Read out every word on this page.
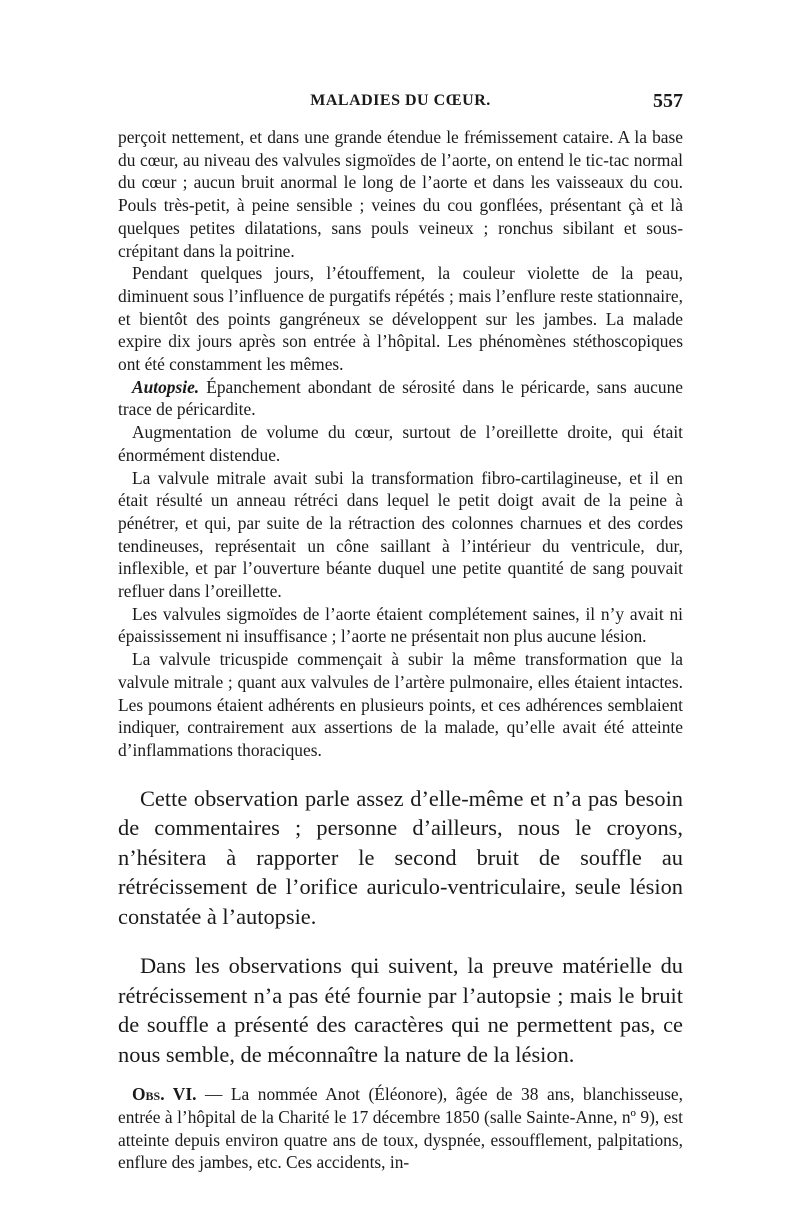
MALADIES DU CŒUR.	557

perçoit nettement, et dans une grande étendue le frémissement cataire. A la base du cœur, au niveau des valvules sigmoïdes de l’aorte, on entend le tic-tac normal du cœur ; aucun bruit anormal le long de l’aorte et dans les vaisseaux du cou. Pouls très-petit, à peine sensible ; veines du cou gonflées, présentant çà et là quelques petites dilatations, sans pouls veineux ; ronchus sibilant et sous-crépitant dans la poitrine.

Pendant quelques jours, l’étouffement, la couleur violette de la peau, diminuent sous l’influence de purgatifs répétés ; mais l’enflure reste stationnaire, et bientôt des points gangréneux se développent sur les jambes. La malade expire dix jours après son entrée à l’hôpital. Les phénomènes stéthoscopiques ont été constamment les mêmes.

Autopsie. Épanchement abondant de sérosité dans le péricarde, sans aucune trace de péricardite.

Augmentation de volume du cœur, surtout de l’oreillette droite, qui était énormément distendue.

La valvule mitrale avait subi la transformation fibro-cartilagineuse, et il en était résulté un anneau rétréci dans lequel le petit doigt avait de la peine à pénétrer, et qui, par suite de la rétraction des colonnes charnues et des cordes tendineuses, représentait un cône saillant à l’intérieur du ventricule, dur, inflexible, et par l’ouverture béante duquel une petite quantité de sang pouvait refluer dans l’oreillette.

Les valvules sigmoïdes de l’aorte étaient complétement saines, il n’y avait ni épaississement ni insuffisance ; l’aorte ne présentait non plus aucune lésion.

La valvule tricuspide commençait à subir la même transformation que la valvule mitrale ; quant aux valvules de l’artère pulmonaire, elles étaient intactes. Les poumons étaient adhérents en plusieurs points, et ces adhérences semblaient indiquer, contrairement aux assertions de la malade, qu’elle avait été atteinte d’inflammations thoraciques.

Cette observation parle assez d’elle-même et n’a pas besoin de commentaires ; personne d’ailleurs, nous le croyons, n’hésitera à rapporter le second bruit de souffle au rétrécissement de l’orifice auriculo-ventriculaire, seule lésion constatée à l’autopsie.

Dans les observations qui suivent, la preuve matérielle du rétrécissement n’a pas été fournie par l’autopsie ; mais le bruit de souffle a présenté des caractères qui ne permettent pas, ce nous semble, de méconnaître la nature de la lésion.

Obs. VI. — La nommée Anot (Éléonore), âgée de 38 ans, blanchisseuse, entrée à l’hôpital de la Charité le 17 décembre 1850 (salle Sainte-Anne, nº 9), est atteinte depuis environ quatre ans de toux, dyspnée, essoufflement, palpitations, enflure des jambes, etc. Ces accidents, in-
